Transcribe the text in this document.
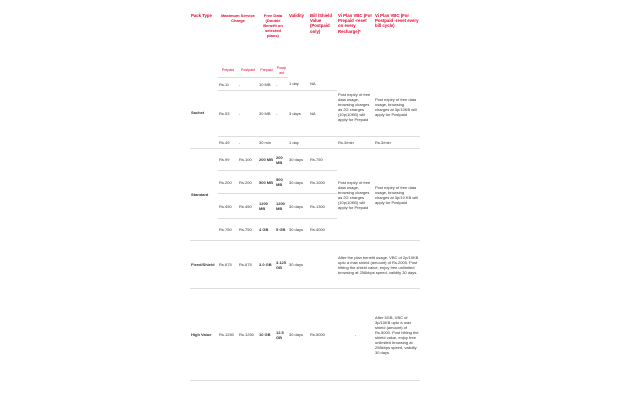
Pack Type	Maximum Service Charge		Free Data (Double Benefit on selected plans)		Validity	Bill /Shield Value (Postpaid only)	Vi Plan VBC (For Prepaid -reset on every Recharge)*	Vi Plan VBC (For Postpaid -reset every bill cycle)
	Prepaid	Postpaid	Prepaid	Postpaid				
Sachet	Rs.11	-	10 MB	-	1 day	NA	Post expiry of free data usage, browsing charges as 2G charges (10p/10KB) will apply for Prepaid	Post expiry of free data usage, browsing charges at 3p/10KB will apply for Postpaid
	Rs.53	-	30 MB	-	3 days	NA		
	Rs.49	-	30 min		1 day		Rs.3/min	Rs.3/min
Standard	Rs.99	Rs.100	200 MB	200 MB	30 days	Rs.750	Post expiry of free data usage, browsing charges as 2G charges (10p/10KB) will apply for Prepaid	Post expiry of free data usage, browsing charges at 3p/10 KB will apply for Postpaid
	Rs.200	Rs.200	500 MB	500 MB	30 days	Rs.1000		
	Rs.450	Rs.450	1200 MB	1200 MB	30 days	Rs.1300		
	Rs.750	Rs.750	4 GB	5 GB	30 days	Rs.4000		
Fixed/Shield	Rs.675	Rs.675	3.0 GB	3.125 GB	30 days		After the plan benefit usage, VBC of 2p/10KB upto a max shield (amount) of Rs.2000. Post hitting the shield value, enjoy free unlimited browsing at 256kbps speed, validity 30 days.	
High Value	Rs.1250	Rs.1250	10 GB	12.5 GB	30 days	Rs.5000	-	After 5GB, VBC of 3p/10KB upto a max shield (amount) of Rs.5000. Post hitting the shield value, enjoy free unlimited browsing at 256kbps speed, validity 30 days.
